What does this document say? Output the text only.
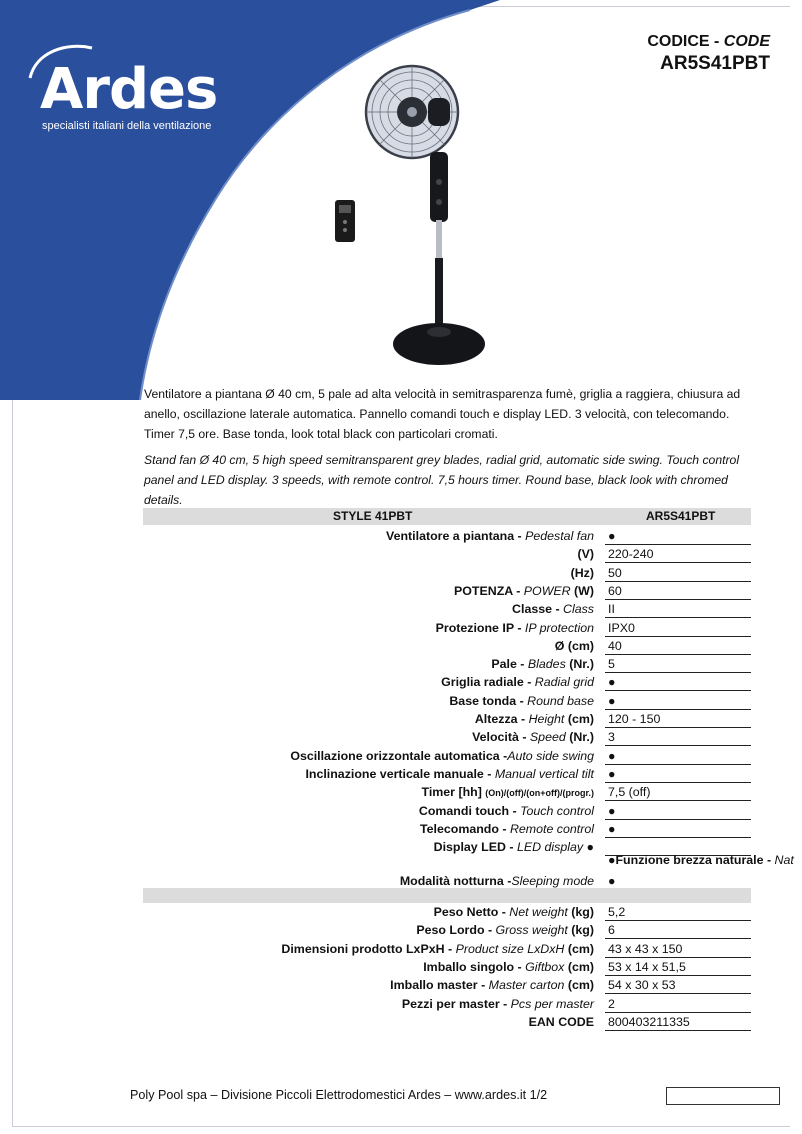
Ardes
specialisti italiani della ventilazione
CODICE - CODE
AR5S41PBT
Ventilatore a piantana Ø 40 cm, 5 pale ad alta velocità in semitrasparenza fumè, griglia a raggiera, chiusura ad anello, oscillazione laterale automatica. Pannello comandi touch e display LED. 3 velocità, con telecomando. Timer 7,5 ore. Base tonda, look total black con particolari cromati.
Stand fan Ø 40 cm, 5 high speed semitransparent grey blades, radial grid, automatic side swing. Touch control panel and LED display. 3 speeds, with remote control. 7,5 hours timer. Round base, black look with chromed details.
STYLE 41PBT	AR5S41PBT
Ventilatore a piantana - Pedestal fan ●
(V) 220-240
(Hz) 50
POTENZA - POWER (W) 60
Classe - Class II
Protezione IP - IP protection IPX0
Ø (cm) 40
Pale - Blades (Nr.) 5
Griglia radiale - Radial grid ●
Base tonda - Round base ●
Altezza - Height (cm) 120 - 150
Velocità - Speed (Nr.) 3
Oscillazione orizzontale automatica -Auto side swing ●
Inclinazione verticale manuale - Manual vertical tilt ●
Timer [hh] (On)/(off)/(on+off)/(progr.) 7,5 (off)
Comandi touch - Touch control ●
Telecomando - Remote control ●
Display LED - LED display ●
Modalità notturna -Sleeping mode ●
Peso Netto - Net weight (kg) 5,2
Peso Lordo - Gross weight (kg) 6
Dimensioni prodotto LxPxH - Product size LxDxH (cm) 43 x 43 x 150
Imballo singolo - Giftbox (cm) 53 x 14 x 51,5
Imballo master - Master carton (cm) 54 x 30 x 53
Pezzi per master - Pcs per master 2
EAN CODE 800403211335
●Funzione brezza naturale - Nat
Poly Pool spa – Divisione Piccoli Elettrodomestici Ardes – www.ardes.it 1/2
